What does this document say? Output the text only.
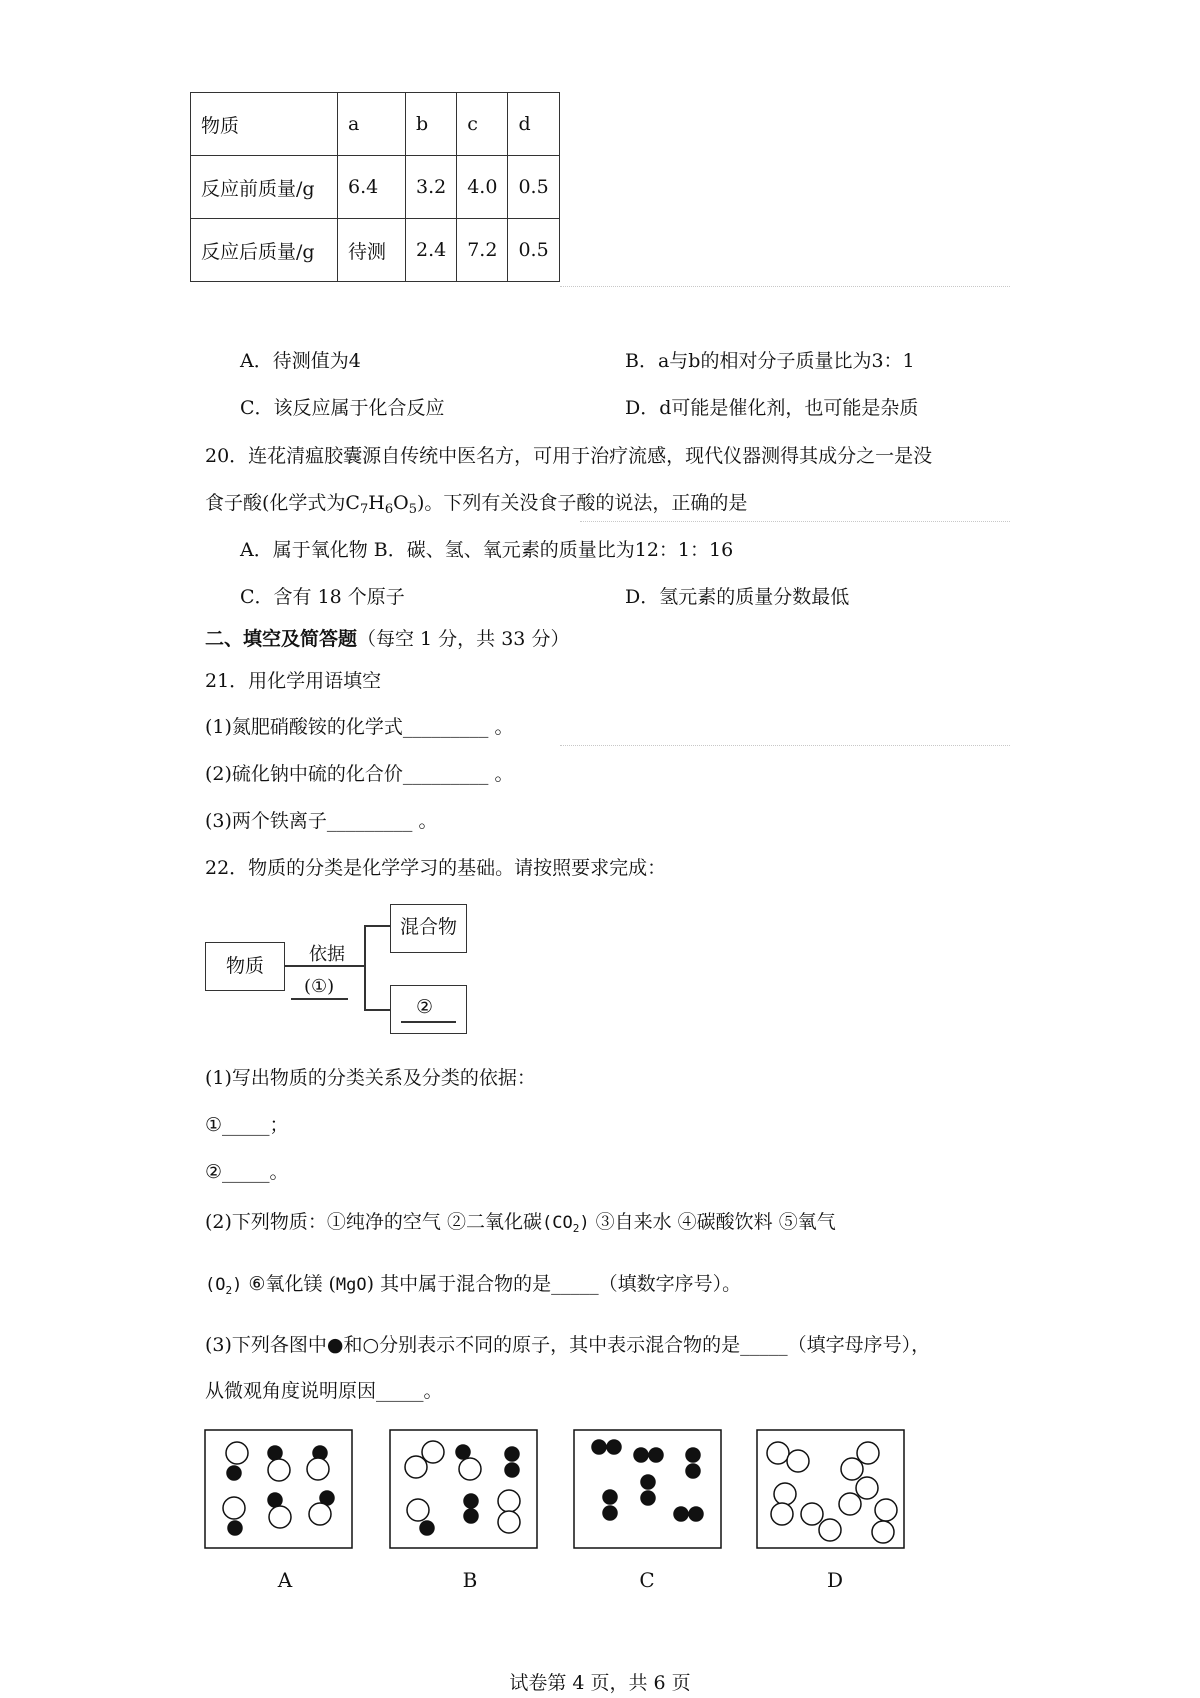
物质	a	b	c	d
反应前质量/g	6.4	3.2	4.0	0.5
反应后质量/g	待测	2.4	7.2	0.5
A．待测值为4	B．a与b的相对分子质量比为3：1
C．该反应属于化合反应	D．d可能是催化剂，也可能是杂质
20．连花清瘟胶囊源自传统中医名方，可用于治疗流感，现代仪器测得其成分之一是没
食子酸(化学式为$C_7H_6O_5$)。下列有关没食子酸的说法，正确的是
A．属于氧化物 B．碳、氢、氧元素的质量比为12：1：16
C．含有 18 个原子	D．氢元素的质量分数最低
二、填空及简答题（每空 1 分，共 33 分）
21．用化学用语填空
(1)氮肥硝酸铵的化学式_________ 。
(2)硫化钠中硫的化合价_________ 。
(3)两个铁离子_________ 。
22．物质的分类是化学学习的基础。请按照要求完成：
物质
依据
(①)
混合物
②
(1)写出物质的分类关系及分类的依据：
①_____；
②_____。
(2)下列物质：①纯净的空气 ②二氧化碳$(CO_2)$ ③自来水 ④碳酸饮料 ⑤氧气
$(O_2)$ ⑥氧化镁 (MgO) 其中属于混合物的是_____（填数字序号）。
(3)下列各图中●和○分别表示不同的原子，其中表示混合物的是_____（填字母序号），
从微观角度说明原因_____。
A	B	C	D
试卷第 4 页，共 6 页
